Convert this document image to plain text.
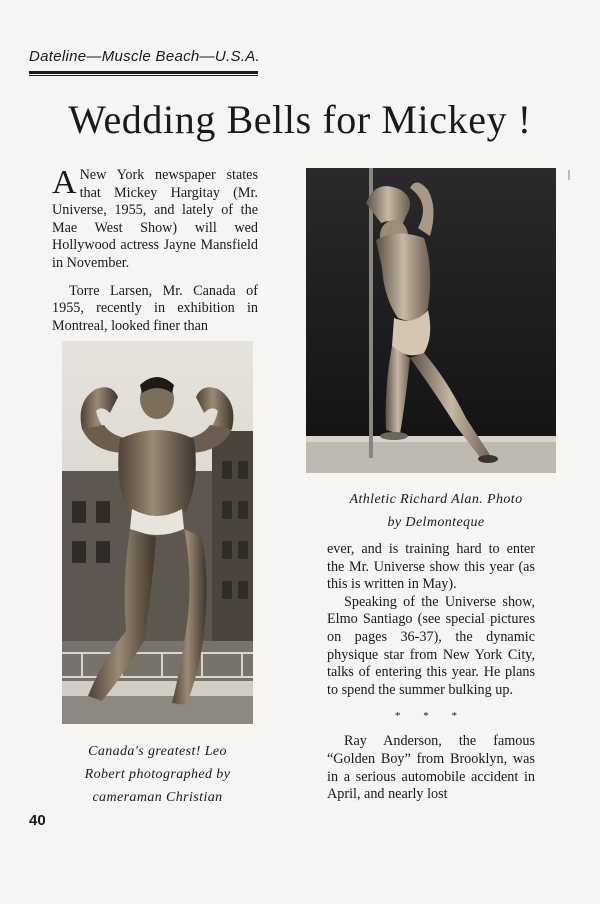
Dateline—Muscle Beach—U.S.A.
Wedding Bells for Mickey !

A New York newspaper states that Mickey Hargitay (Mr. Universe, 1955, and lately of the Mae West Show) will wed Hollywood actress Jayne Mansfield in November.

Torre Larsen, Mr. Canada of 1955, recently in exhibition in Montreal, looked finer than

Athletic Richard Alan. Photo
by Delmonteque
Canada's greatest! Leo
Robert photographed by
cameraman Christian

ever, and is training hard to enter the Mr. Universe show this year (as this is written in May).

Speaking of the Universe show, Elmo Santiago (see special pictures on pages 36-37), the dynamic physique star from New York City, talks of entering this year. He plans to spend the summer bulking up.

* * *

Ray Anderson, the famous “Golden Boy” from Brooklyn, was in a serious automobile accident in April, and nearly lost

40
